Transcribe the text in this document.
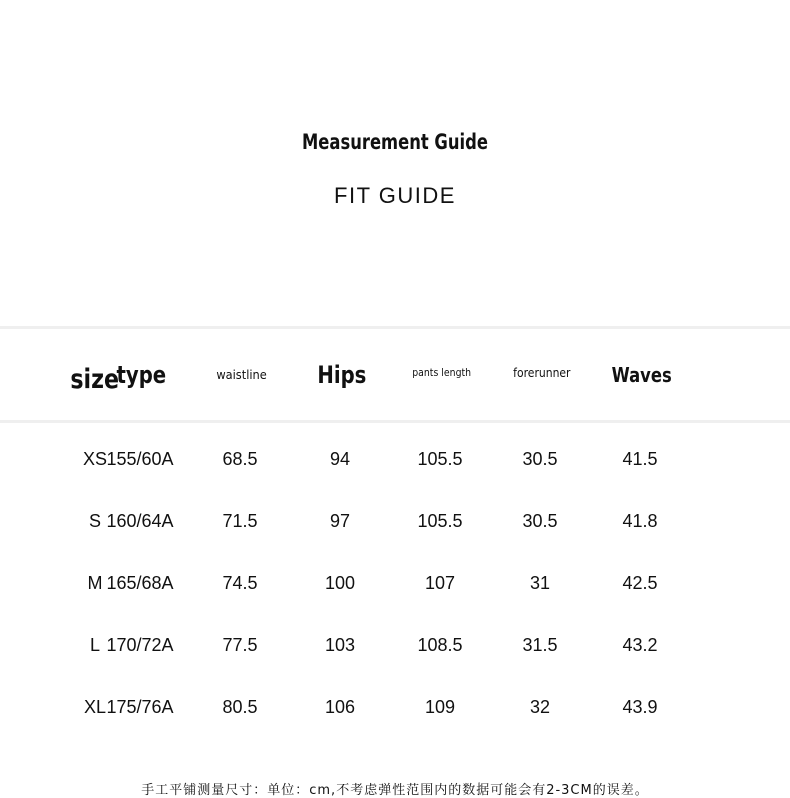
Measurement Guide
FIT GUIDE
size
type	waistline	Hips	pants length	forerunner	Waves
XS 155/60A	68.5	94	105.5	30.5	41.5
S 160/64A	71.5	97	105.5	30.5	41.8
M 165/68A	74.5	100	107	31	42.5
L 170/72A	77.5	103	108.5	31.5	43.2
XL 175/76A	80.5	106	109	32	43.9
手工平铺测量尺寸：单位：cm,不考虑弹性范围内的数据可能会有2-3CM的误差。
